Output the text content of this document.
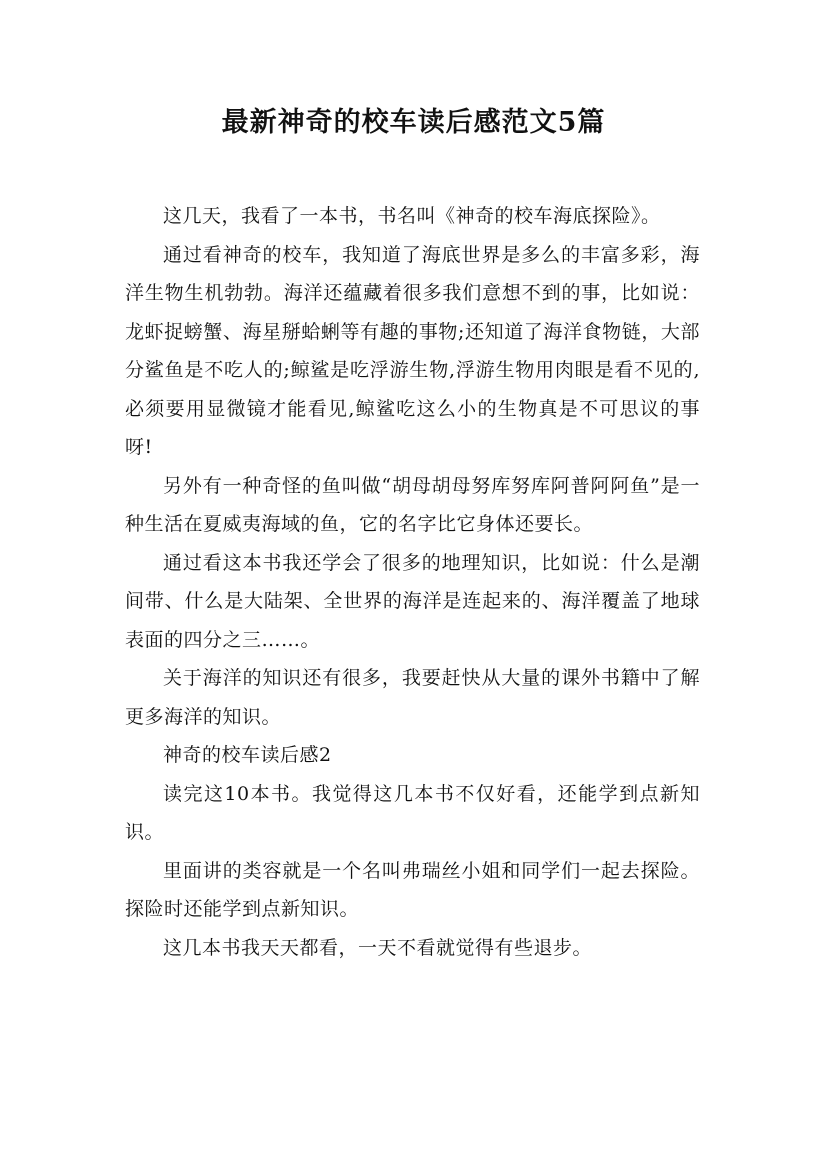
最新神奇的校车读后感范文5篇

这几天，我看了一本书，书名叫《神奇的校车海底探险》。

通过看神奇的校车，我知道了海底世界是多么的丰富多彩，海洋生物生机勃勃。海洋还蕴藏着很多我们意想不到的事，比如说：龙虾捉螃蟹、海星掰蛤蜊等有趣的事物;还知道了海洋食物链，大部分鲨鱼是不吃人的;鲸鲨是吃浮游生物,浮游生物用肉眼是看不见的,必须要用显微镜才能看见,鲸鲨吃这么小的生物真是不可思议的事呀!

另外有一种奇怪的鱼叫做“胡母胡母努库努库阿普阿阿鱼”是一种生活在夏威夷海域的鱼，它的名字比它身体还要长。

通过看这本书我还学会了很多的地理知识，比如说：什么是潮间带、什么是大陆架、全世界的海洋是连起来的、海洋覆盖了地球表面的四分之三……。

关于海洋的知识还有很多，我要赶快从大量的课外书籍中了解更多海洋的知识。

神奇的校车读后感2

读完这10本书。我觉得这几本书不仅好看，还能学到点新知识。

里面讲的类容就是一个名叫弗瑞丝小姐和同学们一起去探险。探险时还能学到点新知识。

这几本书我天天都看，一天不看就觉得有些退步。
